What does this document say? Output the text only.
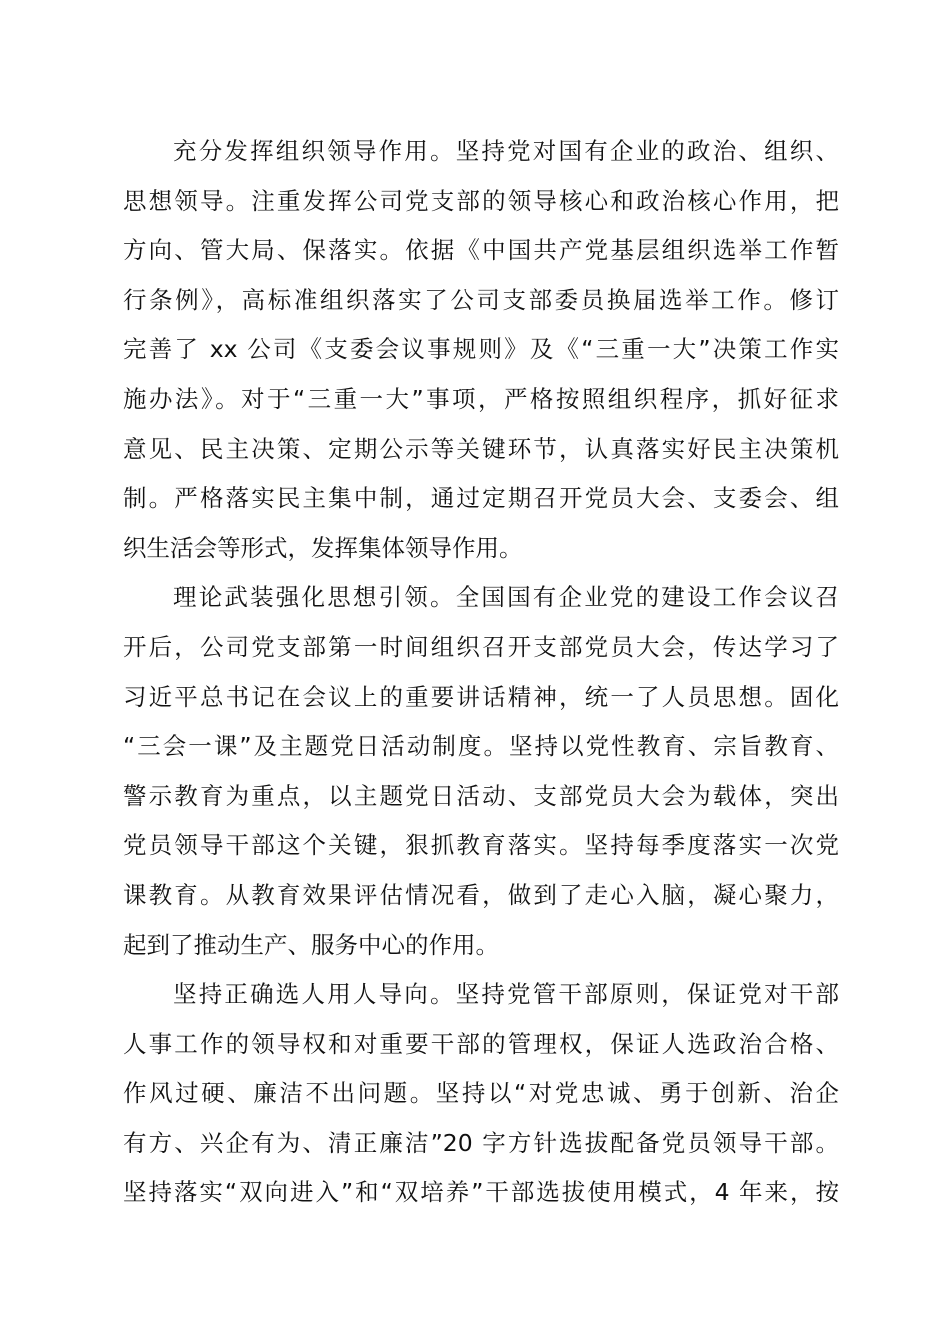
充分发挥组织领导作用。坚持党对国有企业的政治、组织、
思想领导。注重发挥公司党支部的领导核心和政治核心作用，把
方向、管大局、保落实。依据《中国共产党基层组织选举工作暂
行条例》，高标准组织落实了公司支部委员换届选举工作。修订
完善了 xx 公司《支委会议事规则》及《“三重一大”决策工作实
施办法》。对于“三重一大”事项，严格按照组织程序，抓好征求
意见、民主决策、定期公示等关键环节，认真落实好民主决策机
制。严格落实民主集中制，通过定期召开党员大会、支委会、组
织生活会等形式，发挥集体领导作用。
理论武装强化思想引领。全国国有企业党的建设工作会议召
开后，公司党支部第一时间组织召开支部党员大会，传达学习了
习近平总书记在会议上的重要讲话精神，统一了人员思想。固化
“三会一课”及主题党日活动制度。坚持以党性教育、宗旨教育、
警示教育为重点，以主题党日活动、支部党员大会为载体，突出
党员领导干部这个关键，狠抓教育落实。坚持每季度落实一次党
课教育。从教育效果评估情况看，做到了走心入脑，凝心聚力，
起到了推动生产、服务中心的作用。
坚持正确选人用人导向。坚持党管干部原则，保证党对干部
人事工作的领导权和对重要干部的管理权，保证人选政治合格、
作风过硬、廉洁不出问题。坚持以“对党忠诚、勇于创新、治企
有方、兴企有为、清正廉洁”20 字方针选拔配备党员领导干部。
坚持落实“双向进入”和“双培养”干部选拔使用模式，4 年来，按
